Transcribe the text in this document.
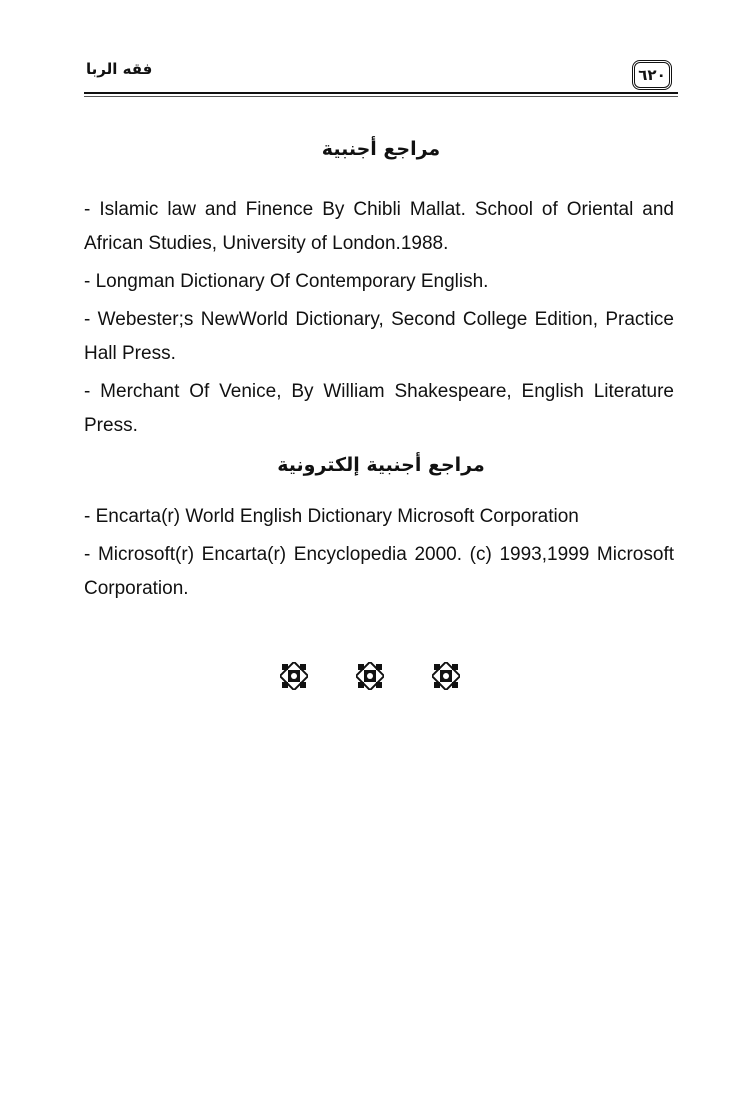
فقه الربا	٦٢٠
مراجع أجنبية
- Islamic law and Finence By Chibli Mallat. School of Oriental and African Studies, University of London.1988.
- Longman Dictionary Of Contemporary English.
- Webester;s NewWorld Dictionary, Second College Edition, Practice Hall Press.
- Merchant Of Venice, By William Shakespeare, English Literature Press.
مراجع أجنبية إلكترونية
- Encarta(r) World English Dictionary Microsoft Corporation
- Microsoft(r) Encarta(r) Encyclopedia 2000. (c) 1993,1999 Microsoft Corporation.
